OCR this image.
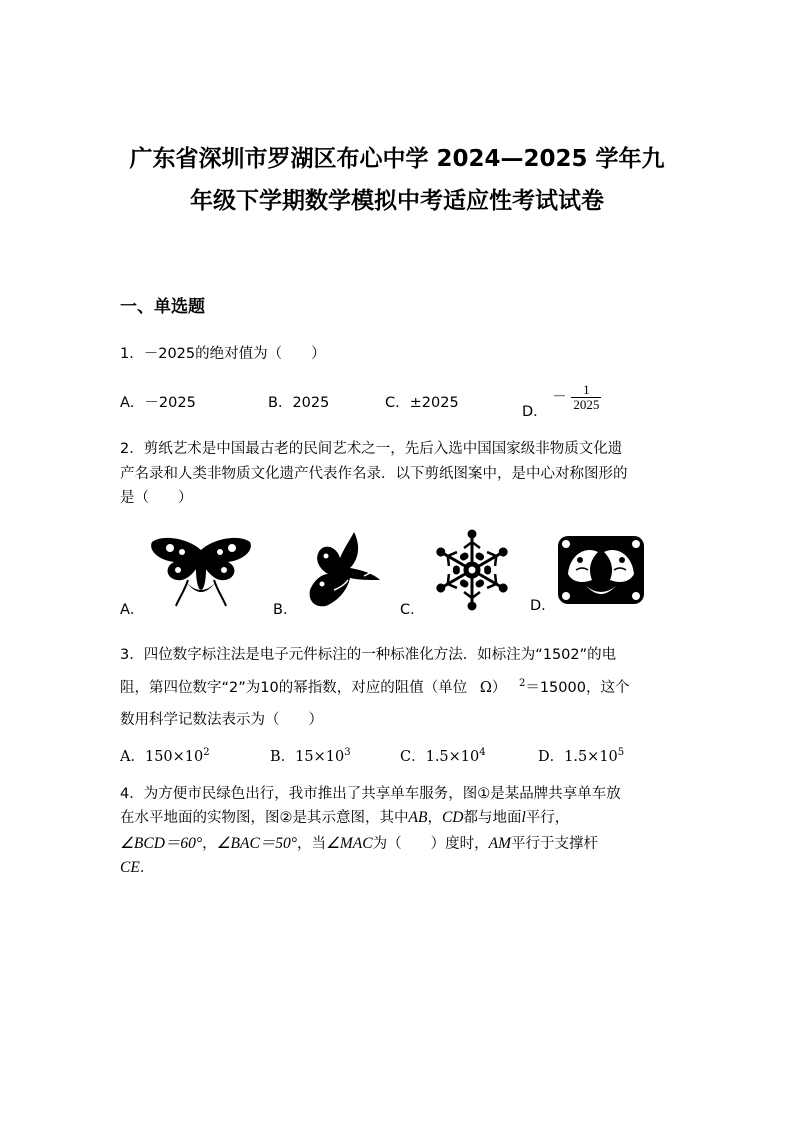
广东省深圳市罗湖区布心中学 2024—2025 学年九
年级下学期数学模拟中考适应性考试试卷
一、单选题
1．－2025的绝对值为（　　）
A．－2025	B．2025	C．±2025
D． － $\frac{1}{2025}$
2．剪纸艺术是中国最古老的民间艺术之一，先后入选中国国家级非物质文化遗
产名录和人类非物质文化遗产代表作名录．以下剪纸图案中，是中心对称图形的
是（　　）
A．	B．	C．	D．
3．四位数字标注法是电子元件标注的一种标准化方法．如标注为“1502”的电
阻，第四位数字“2”为10的幂指数，对应的阻值（单位 Ω） $^2$＝15000，这个
数用科学记数法表示为（　　）
A．$150\times 10^2$	B．$15\times 10^3$	C．$1.5\times 10^4$	D．$1.5\times 10^5$
4．为方便市民绿色出行，我市推出了共享单车服务，图①是某品牌共享单车放
在水平地面的实物图，图②是其示意图，其中AB，CD都与地面l平行，
∠BCD＝60°，∠BAC＝50°，当∠MAC为（　　）度时，AM平行于支撑杆
CE．
